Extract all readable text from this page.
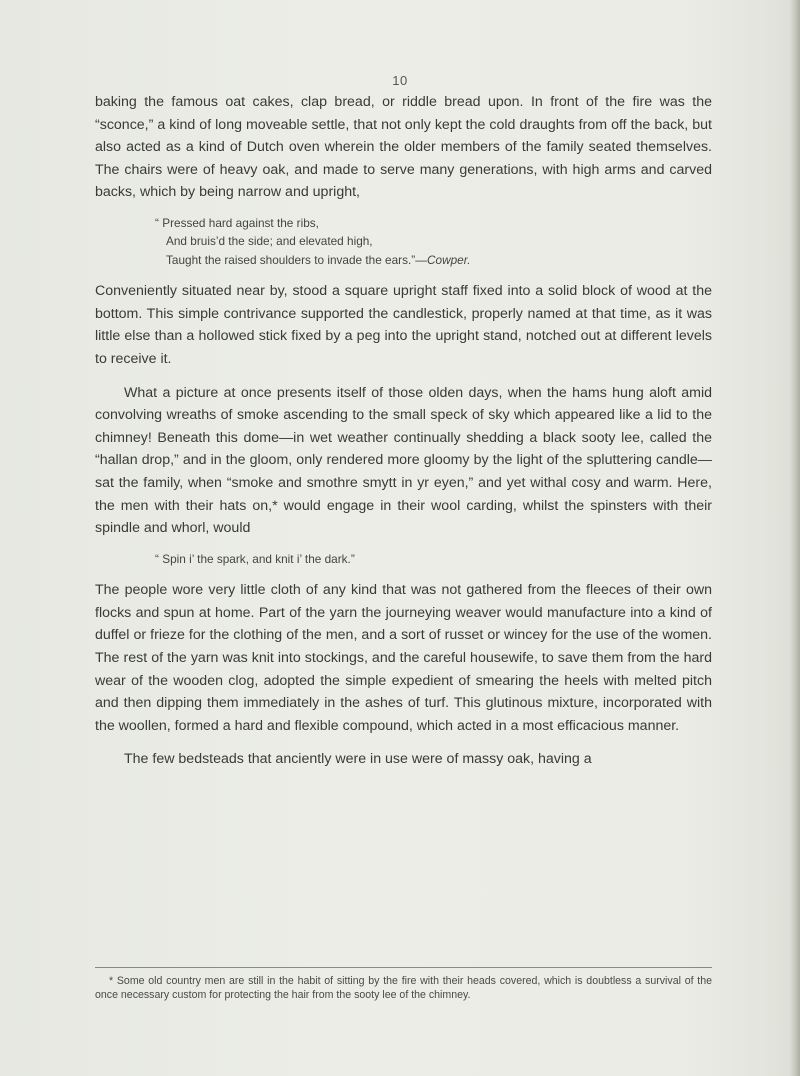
10

baking the famous oat cakes, clap bread, or riddle bread upon. In front of the fire was the “sconce,” a kind of long moveable settle, that not only kept the cold draughts from off the back, but also acted as a kind of Dutch oven wherein the older members of the family seated themselves. The chairs were of heavy oak, and made to serve many generations, with high arms and carved backs, which by being narrow and upright,

“ Pressed hard against the ribs,
And bruis’d the side; and elevated high,
Taught the raised shoulders to invade the ears.”—Cowper.

Conveniently situated near by, stood a square upright staff fixed into a solid block of wood at the bottom. This simple contrivance supported the candlestick, properly named at that time, as it was little else than a hollowed stick fixed by a peg into the upright stand, notched out at different levels to receive it.

What a picture at once presents itself of those olden days, when the hams hung aloft amid convolving wreaths of smoke ascending to the small speck of sky which appeared like a lid to the chimney! Beneath this dome—in wet weather continually shedding a black sooty lee, called the “hallan drop,” and in the gloom, only rendered more gloomy by the light of the spluttering candle—sat the family, when “smoke and smothre smytt in yr eyen,” and yet withal cosy and warm. Here, the men with their hats on,* would engage in their wool carding, whilst the spinsters with their spindle and whorl, would

“ Spin i’ the spark, and knit i’ the dark.”

The people wore very little cloth of any kind that was not gathered from the fleeces of their own flocks and spun at home. Part of the yarn the journeying weaver would manufacture into a kind of duffel or frieze for the clothing of the men, and a sort of russet or wincey for the use of the women. The rest of the yarn was knit into stockings, and the careful housewife, to save them from the hard wear of the wooden clog, adopted the simple expedient of smearing the heels with melted pitch and then dipping them immediately in the ashes of turf. This glutinous mixture, incorporated with the woollen, formed a hard and flexible compound, which acted in a most efficacious manner.

The few bedsteads that anciently were in use were of massy oak, having a

* Some old country men are still in the habit of sitting by the fire with their heads covered, which is doubtless a survival of the once necessary custom for protecting the hair from the sooty lee of the chimney.
